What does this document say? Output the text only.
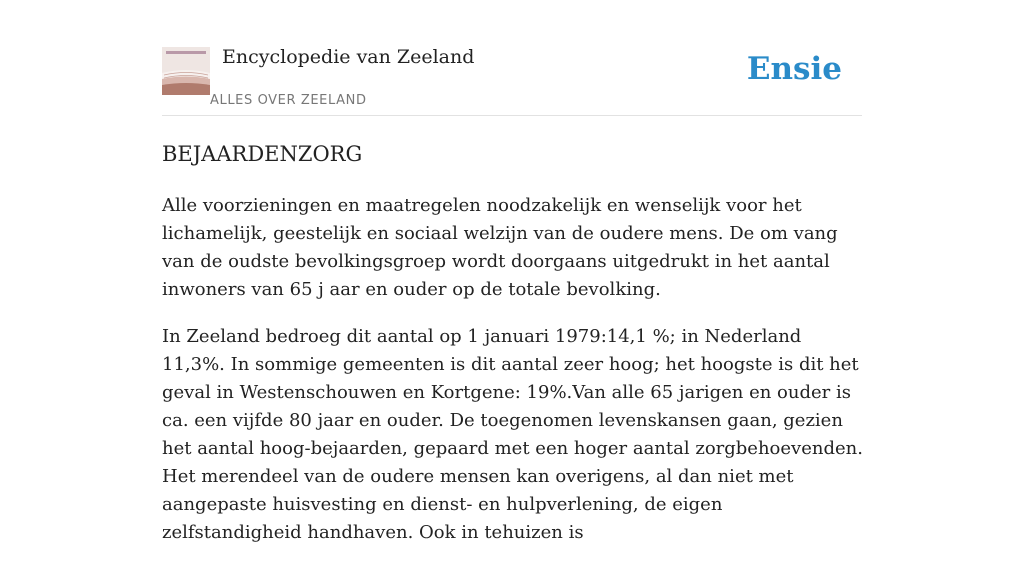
Encyclopedie van Zeeland
ALLES OVER ZEELAND
Ensie
BEJAARDENZORG

Alle voorzieningen en maatregelen noodzakelijk en wenselijk voor het lichamelijk, geestelijk en sociaal welzijn van de oudere mens. De om vang van de oudste bevolkingsgroep wordt doorgaans uitgedrukt in het aantal inwoners van 65 j aar en ouder op de totale bevolking.

In Zeeland bedroeg dit aantal op 1 januari 1979:14,1 %; in Nederland 11,3%. In sommige gemeenten is dit aantal zeer hoog; het hoogste is dit het geval in Westenschouwen en Kortgene: 19%.Van alle 65 jarigen en ouder is ca. een vijfde 80 jaar en ouder. De toegenomen levenskansen gaan, gezien het aantal hoog-bejaarden, gepaard met een hoger aantal zorgbehoevenden. Het merendeel van de oudere mensen kan overigens, al dan niet met aangepaste huisvesting en dienst- en hulpverlening, de eigen zelfstandigheid handhaven. Ook in tehuizen is
